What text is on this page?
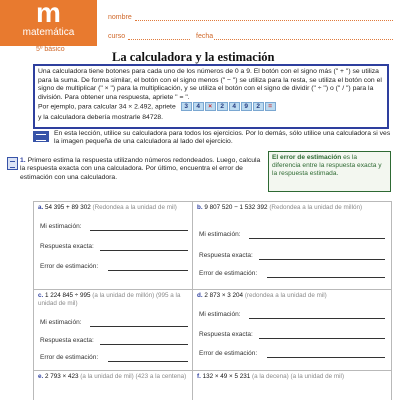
m
matemática
5º básico
nombre
curso	fecha
La calculadora y la estimación

Una calculadora tiene botones para cada uno de los números de 0 a 9. El botón con el signo más (" + ") se utiliza para la suma. De forma similar, el botón con el signo menos (" − ") se utiliza para la resta, se utiliza el botón con el signo de multiplicar (" × ") para la multiplicación, y se utiliza el botón con el signo de dividir (" ÷ ") o (" / ") para la división. Para obtener una respuesta, apriete " = ".

Por ejemplo, para calcular 34 × 2.492, apriete 3 4 × 2 4 9 2 =

y la calculadora debería mostrarle 84728.

En esta lección, utilice su calculadora para todos los ejercicios. Por lo demás, sólo utilice una calculadora si ves la imagen pequeña de una calculadora al lado del ejercicio.
1. Primero estima la respuesta utilizando números redondeados. Luego, calcula la respuesta exacta con una calculadora. Por último, encuentra el error de estimación con una calculadora.
El error de estimación es la diferencia entre la respuesta exacta y la respuesta estimada.
a. 54 395 + 89 302 (Redondea a la unidad de mil)
Mi estimación:
Respuesta exacta:
Error de estimación:
b. 9 807 520 − 1 532 392 (Redondea a la unidad de millón)
Mi estimación:
Respuesta exacta:
Error de estimación:
c. 1 224 845 ÷ 995 (a la unidad de millón) (995 a la unidad de mil)
Mi estimación:
Respuesta exacta:
Error de estimación:
d. 2 873 × 3 204 (redondea a la unidad de mil)
Mi estimación:
Respuesta exacta:
Error de estimación:
e. 2 793 × 423 (a la unidad de mil) (423 a la centena) f. 132 × 49 × 5 231 (a la decena) (a la unidad de mil)
